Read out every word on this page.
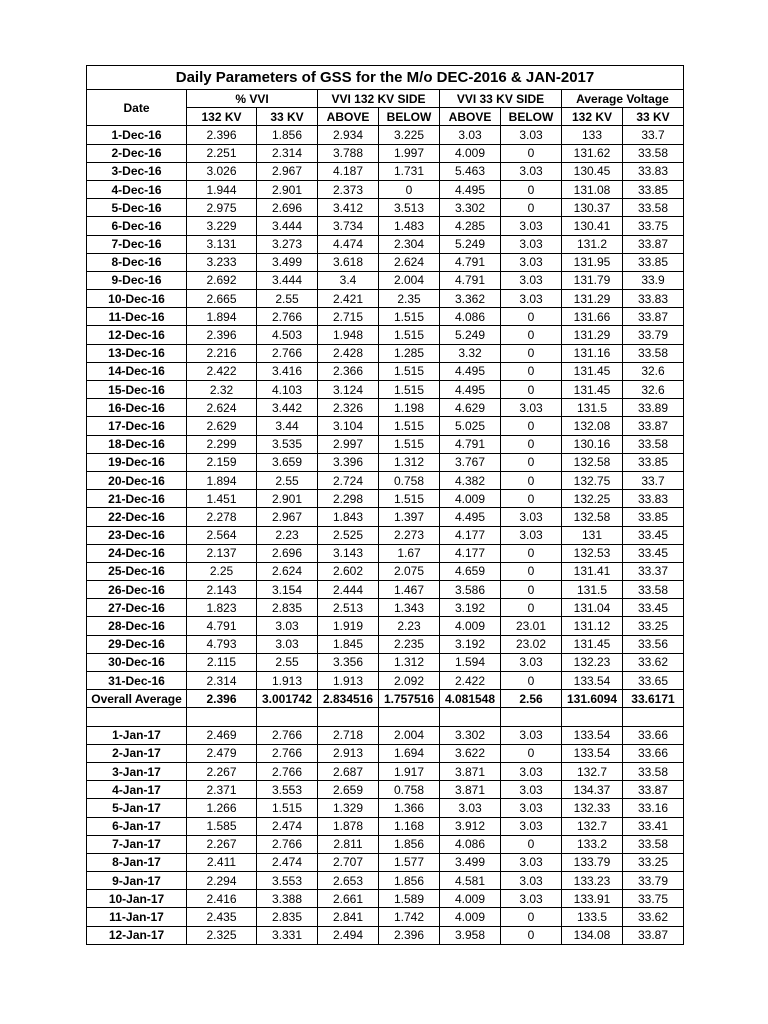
Daily Parameters of GSS for the M/o DEC-2016 & JAN-2017								
Date	% VVI		VVI 132 KV SIDE		VVI 33 KV SIDE		Average Voltage	
	132 KV	33 KV	ABOVE	BELOW	ABOVE	BELOW	132 KV	33 KV
1-Dec-16	2.396	1.856	2.934	3.225	3.03	3.03	133	33.7
2-Dec-16	2.251	2.314	3.788	1.997	4.009	0	131.62	33.58
3-Dec-16	3.026	2.967	4.187	1.731	5.463	3.03	130.45	33.83
4-Dec-16	1.944	2.901	2.373	0	4.495	0	131.08	33.85
5-Dec-16	2.975	2.696	3.412	3.513	3.302	0	130.37	33.58
6-Dec-16	3.229	3.444	3.734	1.483	4.285	3.03	130.41	33.75
7-Dec-16	3.131	3.273	4.474	2.304	5.249	3.03	131.2	33.87
8-Dec-16	3.233	3.499	3.618	2.624	4.791	3.03	131.95	33.85
9-Dec-16	2.692	3.444	3.4	2.004	4.791	3.03	131.79	33.9
10-Dec-16	2.665	2.55	2.421	2.35	3.362	3.03	131.29	33.83
11-Dec-16	1.894	2.766	2.715	1.515	4.086	0	131.66	33.87
12-Dec-16	2.396	4.503	1.948	1.515	5.249	0	131.29	33.79
13-Dec-16	2.216	2.766	2.428	1.285	3.32	0	131.16	33.58
14-Dec-16	2.422	3.416	2.366	1.515	4.495	0	131.45	32.6
15-Dec-16	2.32	4.103	3.124	1.515	4.495	0	131.45	32.6
16-Dec-16	2.624	3.442	2.326	1.198	4.629	3.03	131.5	33.89
17-Dec-16	2.629	3.44	3.104	1.515	5.025	0	132.08	33.87
18-Dec-16	2.299	3.535	2.997	1.515	4.791	0	130.16	33.58
19-Dec-16	2.159	3.659	3.396	1.312	3.767	0	132.58	33.85
20-Dec-16	1.894	2.55	2.724	0.758	4.382	0	132.75	33.7
21-Dec-16	1.451	2.901	2.298	1.515	4.009	0	132.25	33.83
22-Dec-16	2.278	2.967	1.843	1.397	4.495	3.03	132.58	33.85
23-Dec-16	2.564	2.23	2.525	2.273	4.177	3.03	131	33.45
24-Dec-16	2.137	2.696	3.143	1.67	4.177	0	132.53	33.45
25-Dec-16	2.25	2.624	2.602	2.075	4.659	0	131.41	33.37
26-Dec-16	2.143	3.154	2.444	1.467	3.586	0	131.5	33.58
27-Dec-16	1.823	2.835	2.513	1.343	3.192	0	131.04	33.45
28-Dec-16	4.791	3.03	1.919	2.23	4.009	23.01	131.12	33.25
29-Dec-16	4.793	3.03	1.845	2.235	3.192	23.02	131.45	33.56
30-Dec-16	2.115	2.55	3.356	1.312	1.594	3.03	132.23	33.62
31-Dec-16	2.314	1.913	1.913	2.092	2.422	0	133.54	33.65
Overall Average	2.396	3.001742	2.834516	1.757516	4.081548	2.56	131.6094	33.6171

1-Jan-17	2.469	2.766	2.718	2.004	3.302	3.03	133.54	33.66
2-Jan-17	2.479	2.766	2.913	1.694	3.622	0	133.54	33.66
3-Jan-17	2.267	2.766	2.687	1.917	3.871	3.03	132.7	33.58
4-Jan-17	2.371	3.553	2.659	0.758	3.871	3.03	134.37	33.87
5-Jan-17	1.266	1.515	1.329	1.366	3.03	3.03	132.33	33.16
6-Jan-17	1.585	2.474	1.878	1.168	3.912	3.03	132.7	33.41
7-Jan-17	2.267	2.766	2.811	1.856	4.086	0	133.2	33.58
8-Jan-17	2.411	2.474	2.707	1.577	3.499	3.03	133.79	33.25
9-Jan-17	2.294	3.553	2.653	1.856	4.581	3.03	133.23	33.79
10-Jan-17	2.416	3.388	2.661	1.589	4.009	3.03	133.91	33.75
11-Jan-17	2.435	2.835	2.841	1.742	4.009	0	133.5	33.62
12-Jan-17	2.325	3.331	2.494	2.396	3.958	0	134.08	33.87
